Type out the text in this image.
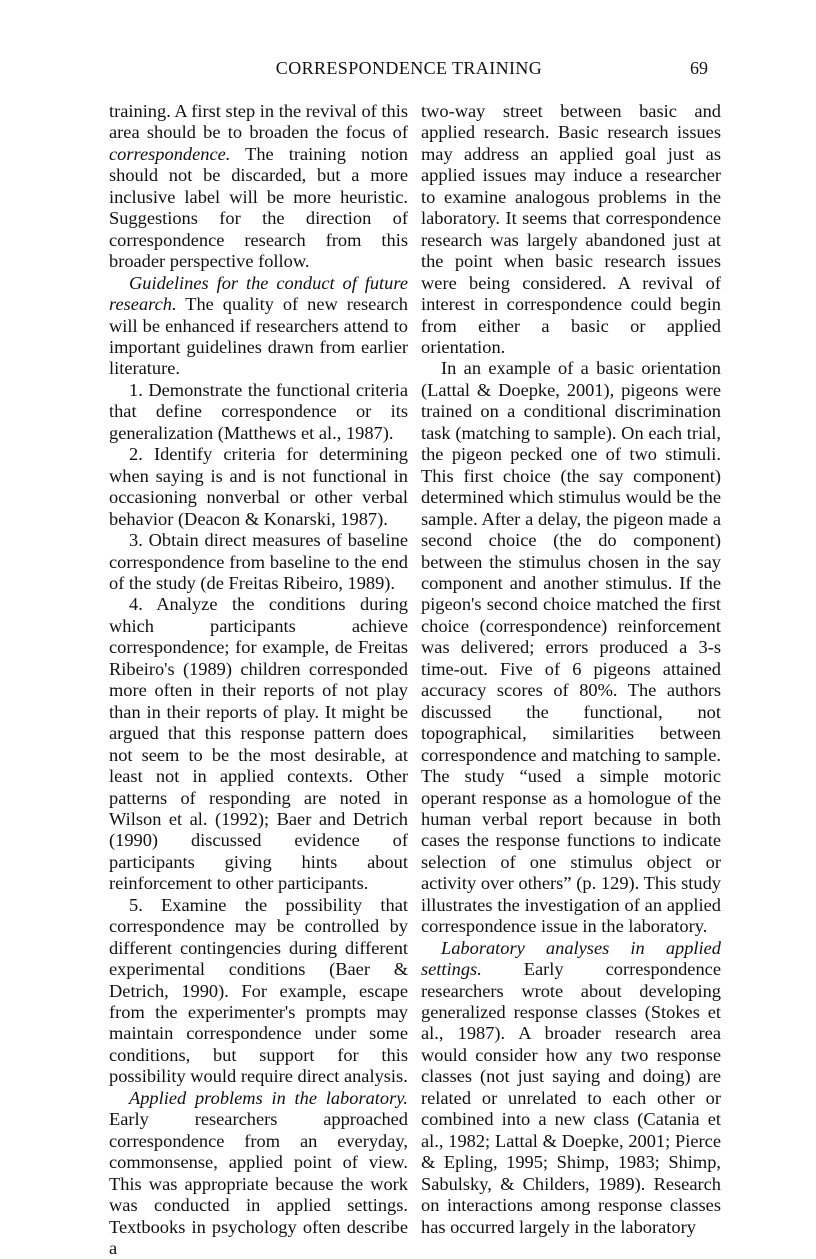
CORRESPONDENCE TRAINING	69

training. A first step in the revival of this area should be to broaden the focus of correspondence. The training notion should not be discarded, but a more inclusive label will be more heuristic. Suggestions for the direction of correspondence research from this broader perspective follow.

Guidelines for the conduct of future research. The quality of new research will be enhanced if researchers attend to important guidelines drawn from earlier literature.

1. Demonstrate the functional criteria that define correspondence or its generalization (Matthews et al., 1987).

2. Identify criteria for determining when saying is and is not functional in occasioning nonverbal or other verbal behavior (Deacon & Konarski, 1987).

3. Obtain direct measures of baseline correspondence from baseline to the end of the study (de Freitas Ribeiro, 1989).

4. Analyze the conditions during which participants achieve correspondence; for example, de Freitas Ribeiro's (1989) children corresponded more often in their reports of not play than in their reports of play. It might be argued that this response pattern does not seem to be the most desirable, at least not in applied contexts. Other patterns of responding are noted in Wilson et al. (1992); Baer and Detrich (1990) discussed evidence of participants giving hints about reinforcement to other participants.

5. Examine the possibility that correspondence may be controlled by different contingencies during different experimental conditions (Baer & Detrich, 1990). For example, escape from the experimenter's prompts may maintain correspondence under some conditions, but support for this possibility would require direct analysis.

Applied problems in the laboratory. Early researchers approached correspondence from an everyday, commonsense, applied point of view. This was appropriate because the work was conducted in applied settings. Textbooks in psychology often describe a

two-way street between basic and applied research. Basic research issues may address an applied goal just as applied issues may induce a researcher to examine analogous problems in the laboratory. It seems that correspondence research was largely abandoned just at the point when basic research issues were being considered. A revival of interest in correspondence could begin from either a basic or applied orientation.

In an example of a basic orientation (Lattal & Doepke, 2001), pigeons were trained on a conditional discrimination task (matching to sample). On each trial, the pigeon pecked one of two stimuli. This first choice (the say component) determined which stimulus would be the sample. After a delay, the pigeon made a second choice (the do component) between the stimulus chosen in the say component and another stimulus. If the pigeon's second choice matched the first choice (correspondence) reinforcement was delivered; errors produced a 3-s time-out. Five of 6 pigeons attained accuracy scores of 80%. The authors discussed the functional, not topographical, similarities between correspondence and matching to sample. The study “used a simple motoric operant response as a homologue of the human verbal report because in both cases the response functions to indicate selection of one stimulus object or activity over others” (p. 129). This study illustrates the investigation of an applied correspondence issue in the laboratory.

Laboratory analyses in applied settings. Early correspondence researchers wrote about developing generalized response classes (Stokes et al., 1987). A broader research area would consider how any two response classes (not just saying and doing) are related or unrelated to each other or combined into a new class (Catania et al., 1982; Lattal & Doepke, 2001; Pierce & Epling, 1995; Shimp, 1983; Shimp, Sabulsky, & Childers, 1989). Research on interactions among response classes has occurred largely in the laboratory
